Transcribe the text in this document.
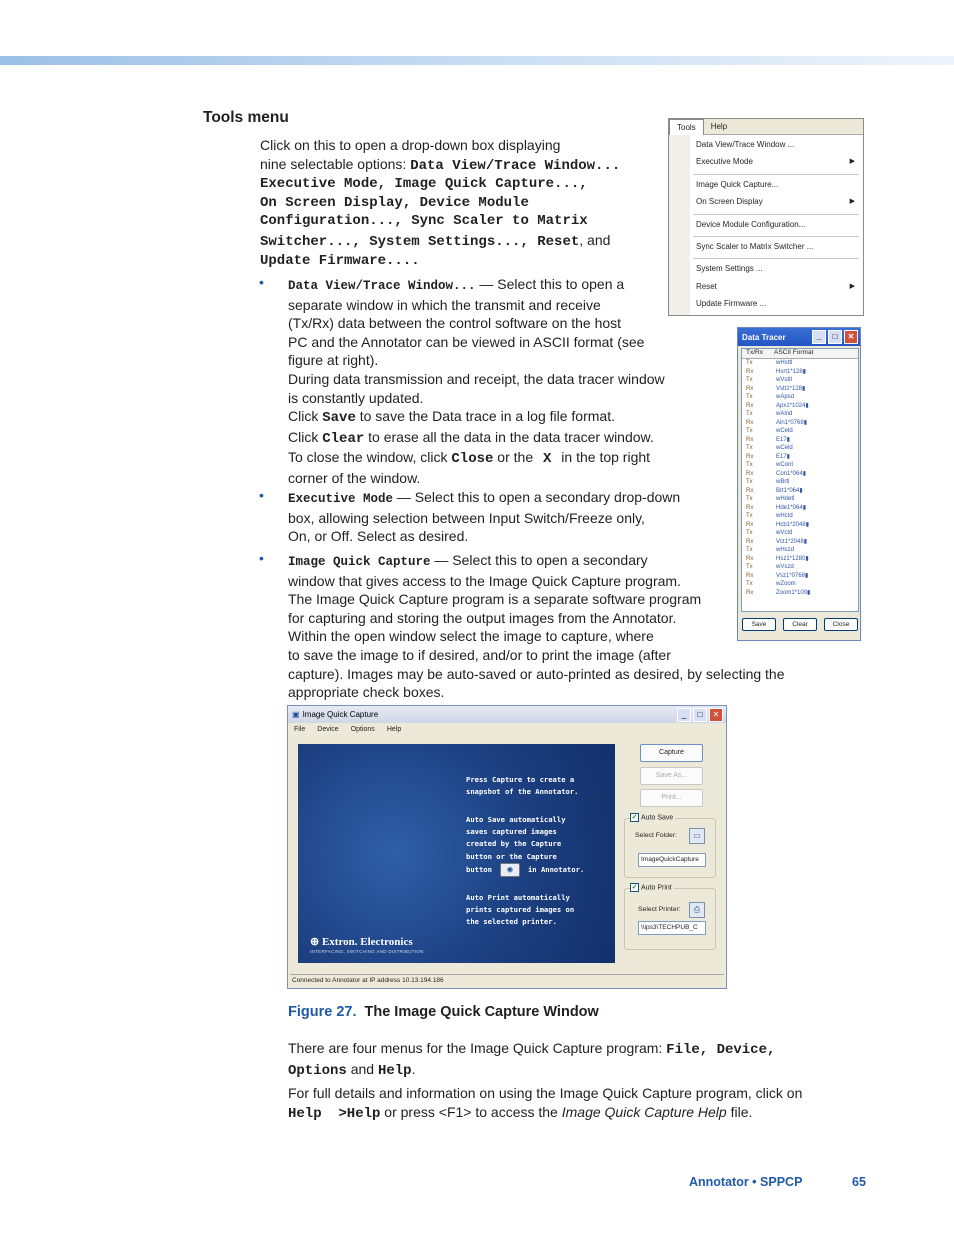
Tools menu

Click on this to open a drop-down box displaying

nine selectable options: Data View/Trace Window...

Executive Mode, Image Quick Capture...,

On Screen Display, Device Module

Configuration..., Sync Scaler to Matrix

Switcher..., System Settings..., Reset, and

Update Firmware....

• Data View/Trace Window... — Select this to open a

separate window in which the transmit and receive

(Tx/Rx) data between the control software on the host

PC and the Annotator can be viewed in ASCII format (see

figure at right).

During data transmission and receipt, the data tracer window

is constantly updated.

Click Save to save the Data trace in a log file format.

Click Clear to erase all the data in the data tracer window.

To close the window, click Close or the X in the top right

corner of the window.

• Executive Mode — Select this to open a secondary drop-down

box, allowing selection between Input Switch/Freeze only,

On, or Off. Select as desired.

• Image Quick Capture — Select this to open a secondary

window that gives access to the Image Quick Capture program.

The Image Quick Capture program is a separate software program

for capturing and storing the output images from the Annotator.

Within the open window select the image to capture, where

to save the image to if desired, and/or to print the image (after

capture). Images may be auto-saved or auto-printed as desired, by selecting the

appropriate check boxes.

Tools	Help
Data View/Trace Window ...
Executive Mode	▶
Image Quick Capture...
On Screen Display	▶
Device Module Configuration...
Sync Scaler to Matrix Switcher ...
System Settings ...
Reset	▶
Update Firmware ...
Data Tracer	_	□	✕
Tx/Rx	ASCII Format
Tx	wHsttl
Rx	Hsrt1*128▮
Tx	wVsttl
Rx	Vstt1*128▮
Tx	wApsd
Rx	Apx1*1024▮
Tx	wAlnd
Rx	Aln1*0768▮
Tx	wCeld
Rx	E17▮
Tx	wCeld
Rx	E17▮
Tx	wCont
Rx	Con1*064▮
Tx	wBrtl
Rx	Brt1*064▮
Tx	wHdetl
Rx	Hde1*064▮
Tx	wHctd
Rx	Hcb1*2048▮
Tx	wVctd
Rx	Vct1*2048▮
Tx	wHszd
Rx	Hsz1*1280▮
Tx	wVszd
Rx	Vsz1*0768▮
Tx	wZoom
Rx	Zoom1*100▮
Save	Clear	Close
▣ Image Quick Capture	_	□	✕
File	Device	Options	Help
Press Capture to create a
snapshot of the Annotator.
Auto Save automatically
saves captured images
created by the Capture
button or the Capture
button ◉ in Annotator.
Auto Print automatically
prints captured images on
the selected printer.
⊕ Extron. Electronics
INTERFACING, SWITCHING AND DISTRIBUTION
Capture
Save As...
Print...
✓ Auto Save
Select Folder:	▭
ImageQuickCapture
✓ Auto Print
Select Printer:	⎙
\\ips3\TECHPUB_C
Connected to Annotator at IP address 10.13.194.186
Figure 27. The Image Quick Capture Window

There are four menus for the Image Quick Capture program: File, Device,

Options and Help.

For full details and information on using the Image Quick Capture program, click on

Help  >Help or press <F1> to access the Image Quick Capture Help file.

Annotator • SPPCP	65
